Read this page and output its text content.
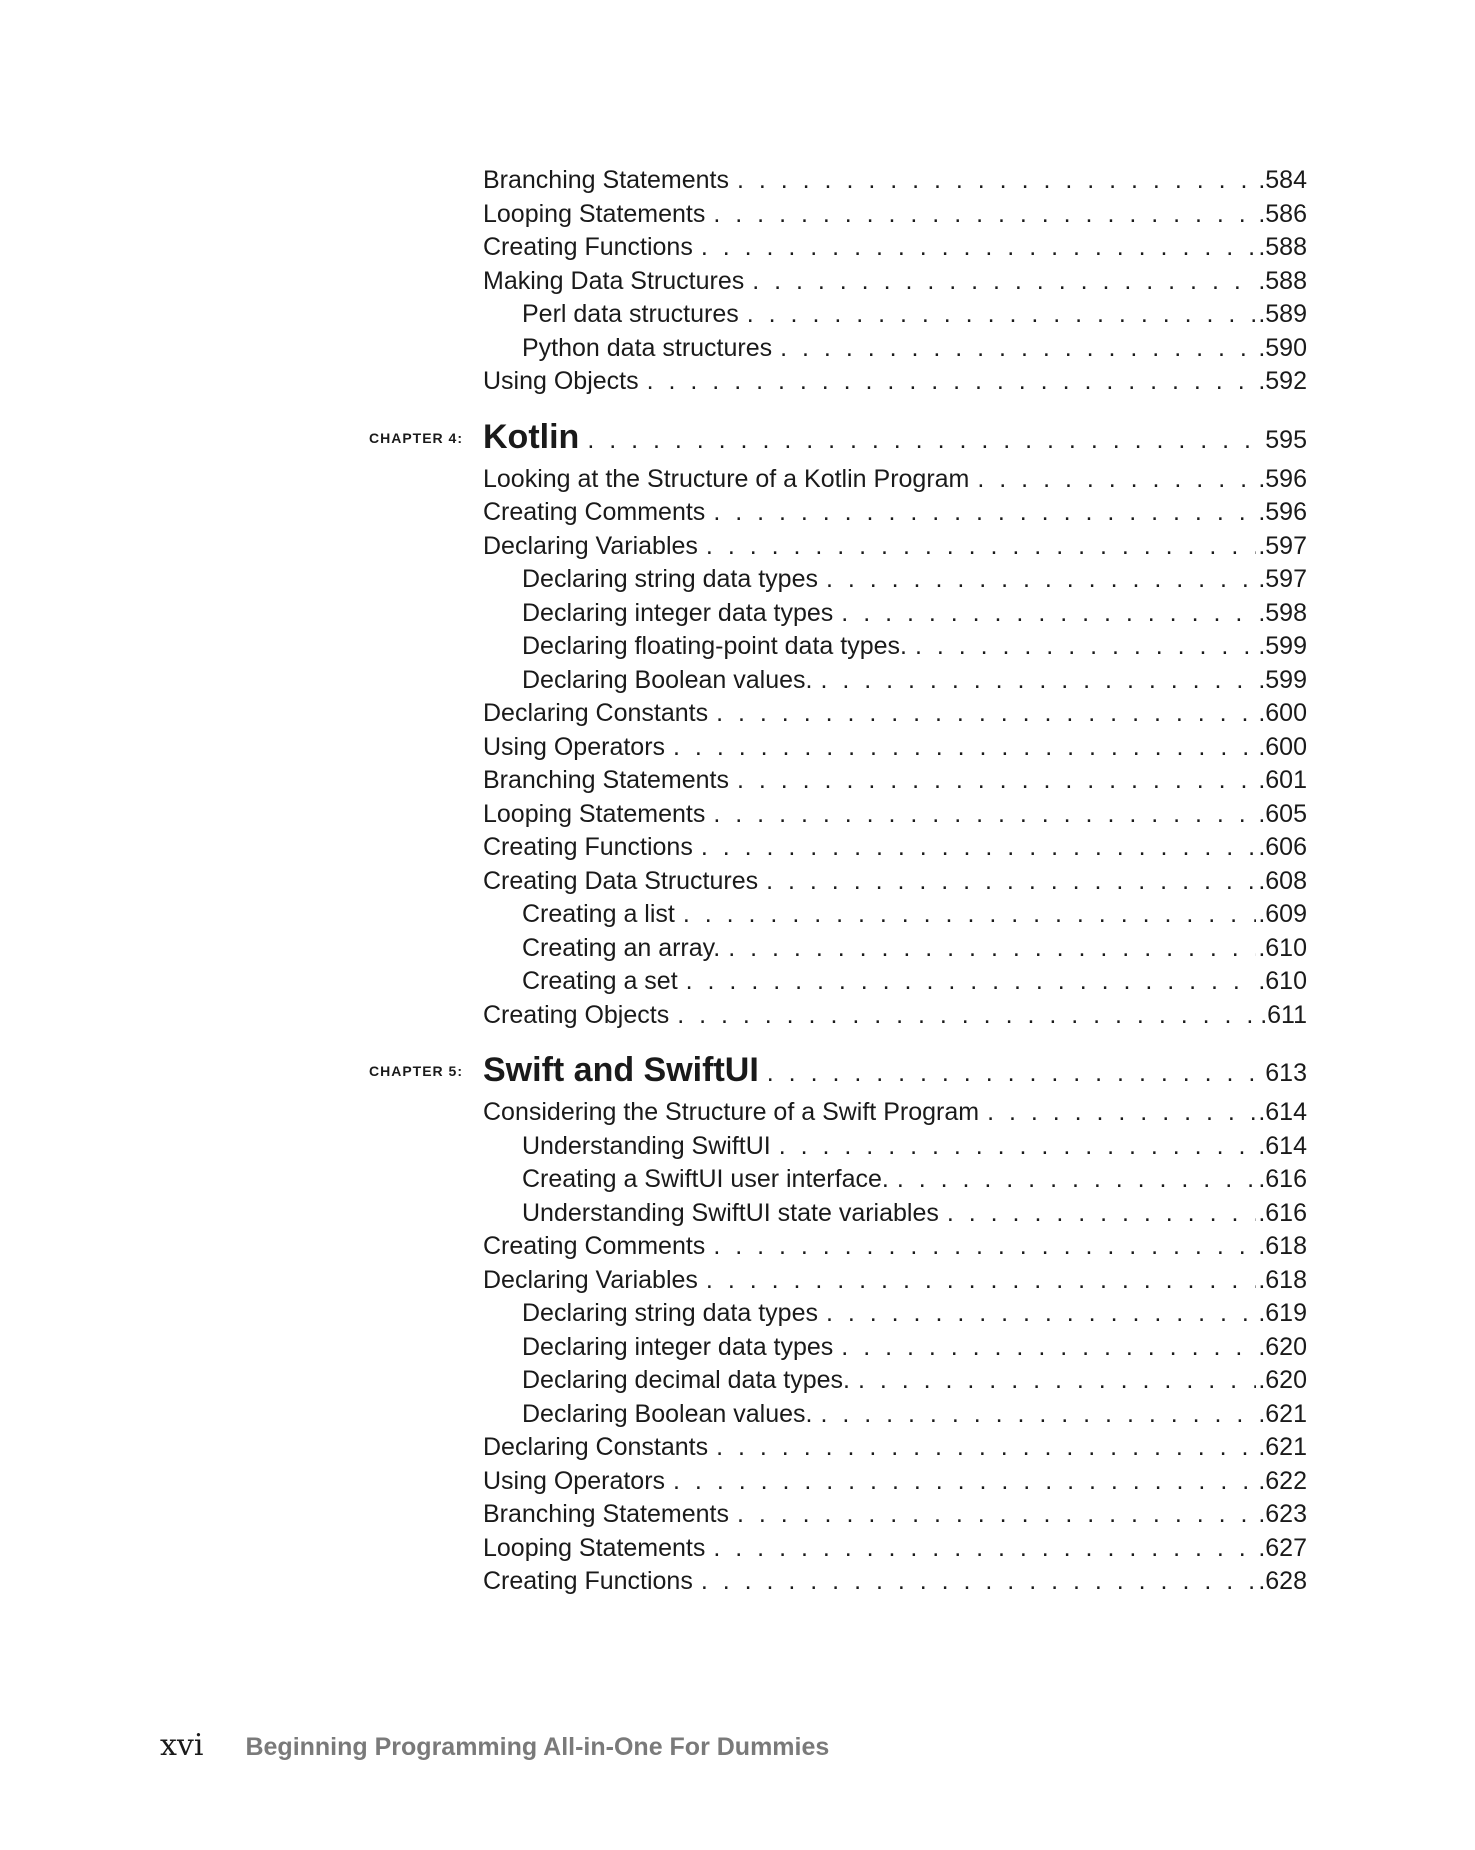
Branching Statements . . .	.584
Looping Statements . . .	.586
Creating Functions . . .	.588
Making Data Structures . . .	.588
Perl data structures . . .	.589
Python data structures . . .	.590
Using Objects . . .	.592
CHAPTER 4: Kotlin . . .	595
Looking at the Structure of a Kotlin Program . . .	.596
Creating Comments . . .	.596
Declaring Variables . . .	.597
Declaring string data types . . .	.597
Declaring integer data types . . .	.598
Declaring floating-point data types. . . .	.599
Declaring Boolean values. . . .	.599
Declaring Constants . . .	.600
Using Operators . . .	.600
Branching Statements . . .	.601
Looping Statements . . .	.605
Creating Functions . . .	.606
Creating Data Structures . . .	.608
Creating a list . . .	.609
Creating an array. . . .	.610
Creating a set . . .	.610
Creating Objects . . .	.611
CHAPTER 5: Swift and SwiftUI . . .	613
Considering the Structure of a Swift Program . . .	.614
Understanding SwiftUI . . .	.614
Creating a SwiftUI user interface. . . .	.616
Understanding SwiftUI state variables . . .	.616
Creating Comments . . .	.618
Declaring Variables . . .	.618
Declaring string data types . . .	.619
Declaring integer data types . . .	.620
Declaring decimal data types. . . .	.620
Declaring Boolean values. . . .	.621
Declaring Constants . . .	.621
Using Operators . . .	.622
Branching Statements . . .	.623
Looping Statements . . .	.627
Creating Functions . . .	.628
xvi Beginning Programming All-in-One For Dummies
